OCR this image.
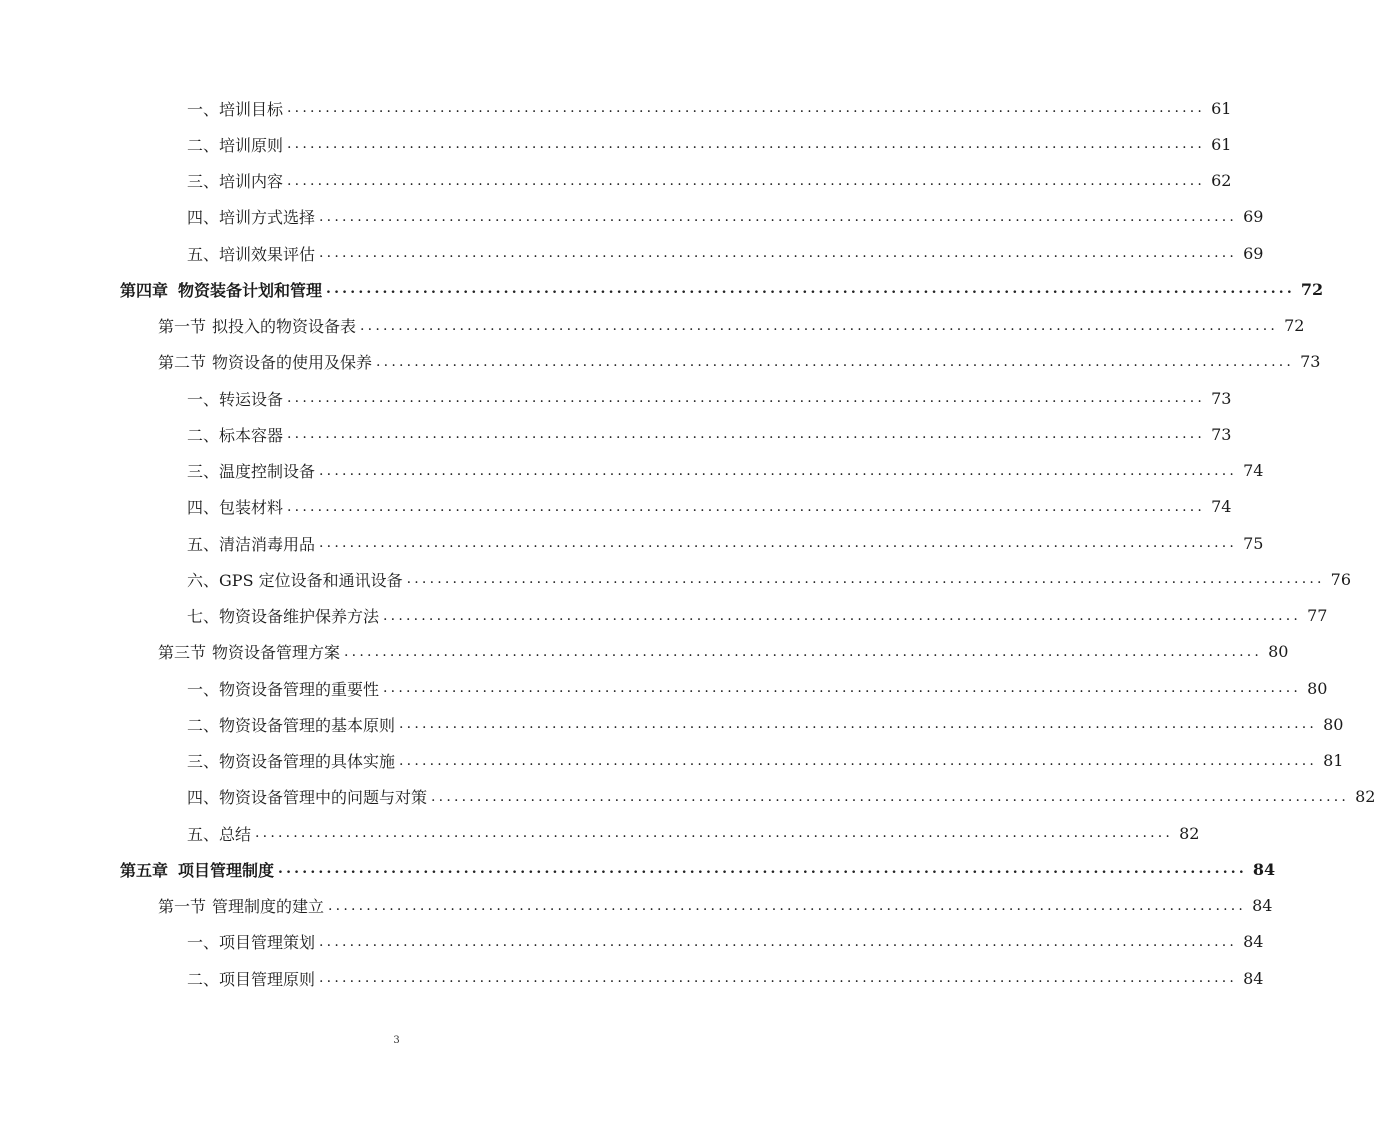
一、 培训目标 ........................................................................................................................ 61
二、 培训原则 ........................................................................................................................ 61
三、 培训内容 ........................................................................................................................ 62
四、 培训方式选择 ........................................................................................................................ 69
五、 培训效果评估 ........................................................................................................................ 69
第四章 物资装备计划和管理 ........................................................................................................................ 72
第一节 拟投入的物资设备表 ........................................................................................................................ 72
第二节 物资设备的使用及保养 ........................................................................................................................ 73
一、 转运设备 ........................................................................................................................ 73
二、 标本容器 ........................................................................................................................ 73
三、 温度控制设备 ........................................................................................................................ 74
四、 包装材料 ........................................................................................................................ 74
五、 清洁消毒用品 ........................................................................................................................ 75
六、 GPS 定位设备和通讯设备 ........................................................................................................................ 76
七、 物资设备维护保养方法 ........................................................................................................................ 77
第三节 物资设备管理方案 ........................................................................................................................ 80
一、 物资设备管理的重要性 ........................................................................................................................ 80
二、 物资设备管理的基本原则 ........................................................................................................................ 80
三、 物资设备管理的具体实施 ........................................................................................................................ 81
四、 物资设备管理中的问题与对策 ........................................................................................................................ 82
五、 总结 ........................................................................................................................ 82
第五章 项目管理制度 ........................................................................................................................ 84
第一节 管理制度的建立 ........................................................................................................................ 84
一、 项目管理策划 ........................................................................................................................ 84
二、 项目管理原则 ........................................................................................................................ 84
3
